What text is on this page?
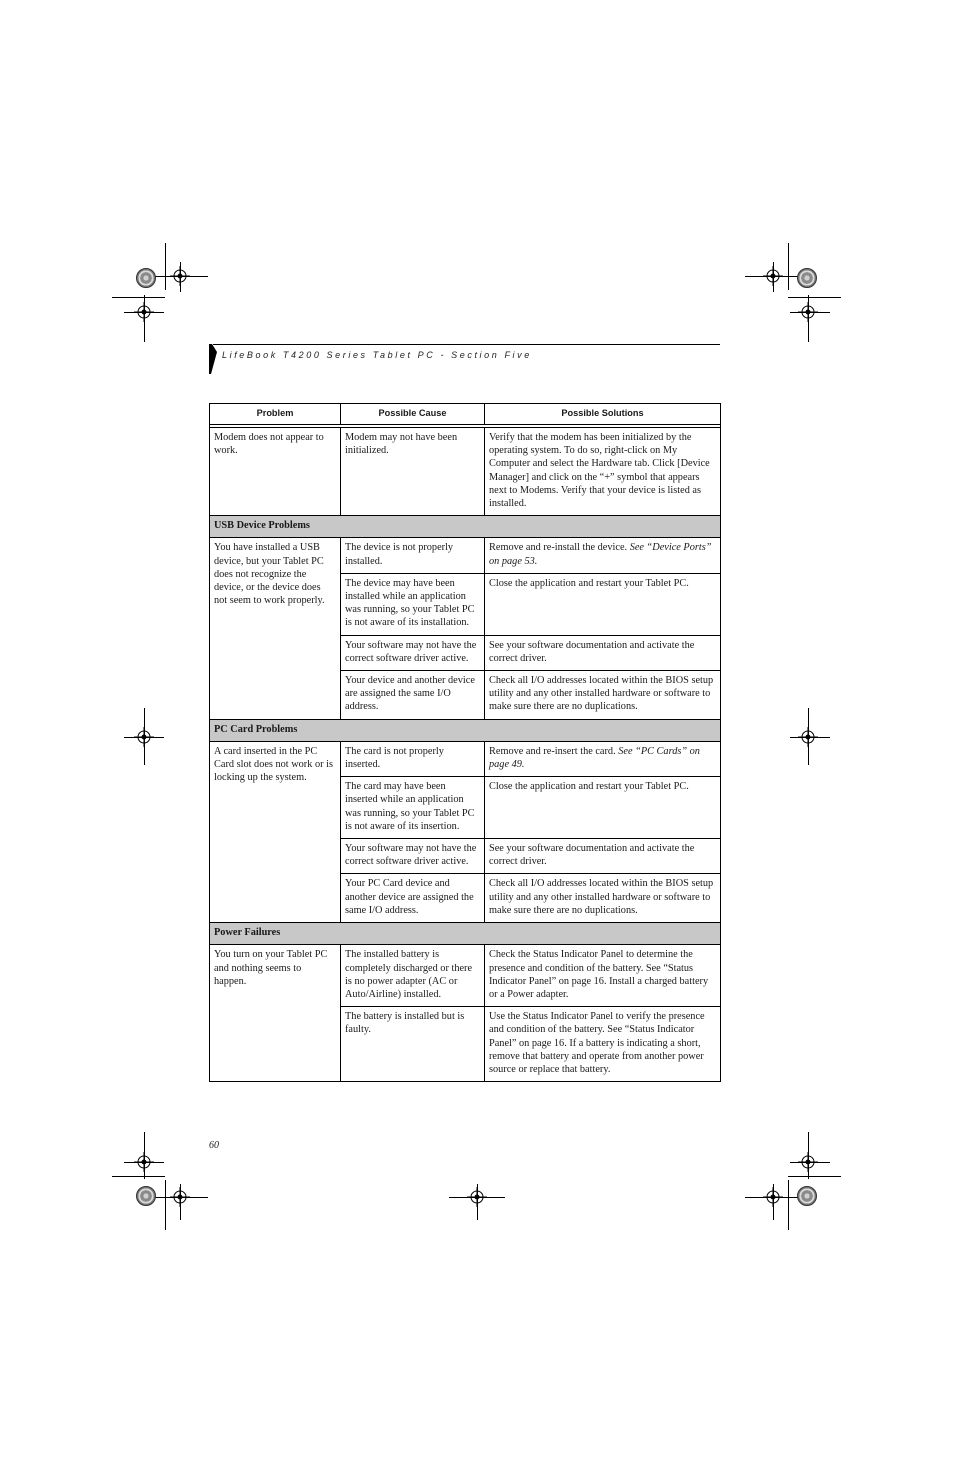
LifeBook T4200 Series Tablet PC - Section Five
Problem	Possible Cause	Possible Solutions

Modem does not appear to work.	Modem may not have been initialized.	Verify that the modem has been initialized by the operating system. To do so, right-click on My Computer and select the Hardware tab. Click [Device Manager] and click on the “+” symbol that appears next to Modems. Verify that your device is listed as installed.
USB Device Problems		
You have installed a USB device, but your Tablet PC does not recognize the device, or the device does not seem to work properly.	The device is not properly installed.	Remove and re-install the device. See “Device Ports” on page 53.
	The device may have been installed while an application was running, so your Tablet PC is not aware of its installation.	Close the application and restart your Tablet PC.
	Your software may not have the correct software driver active.	See your software documentation and activate the correct driver.
	Your device and another device are assigned the same I/O address.	Check all I/O addresses located within the BIOS setup utility and any other installed hardware or software to make sure there are no duplications.
PC Card Problems		
A card inserted in the PC Card slot does not work or is locking up the system.	The card is not properly inserted.	Remove and re-insert the card. See “PC Cards” on page 49.
	The card may have been inserted while an application was running, so your Tablet PC is not aware of its insertion.	Close the application and restart your Tablet PC.
	Your software may not have the correct software driver active.	See your software documentation and activate the correct driver.
	Your PC Card device and another device are assigned the same I/O address.	Check all I/O addresses located within the BIOS setup utility and any other installed hardware or software to make sure there are no duplications.
Power Failures		
You turn on your Tablet PC and nothing seems to happen.	The installed battery is completely discharged or there is no power adapter (AC or Auto/Airline) installed.	Check the Status Indicator Panel to determine the presence and condition of the battery. See “Status Indicator Panel” on page 16. Install a charged battery or a Power adapter.
	The battery is installed but is faulty.	Use the Status Indicator Panel to verify the presence and condition of the battery. See “Status Indicator Panel” on page 16. If a battery is indicating a short, remove that battery and operate from another power source or replace that battery.
60
